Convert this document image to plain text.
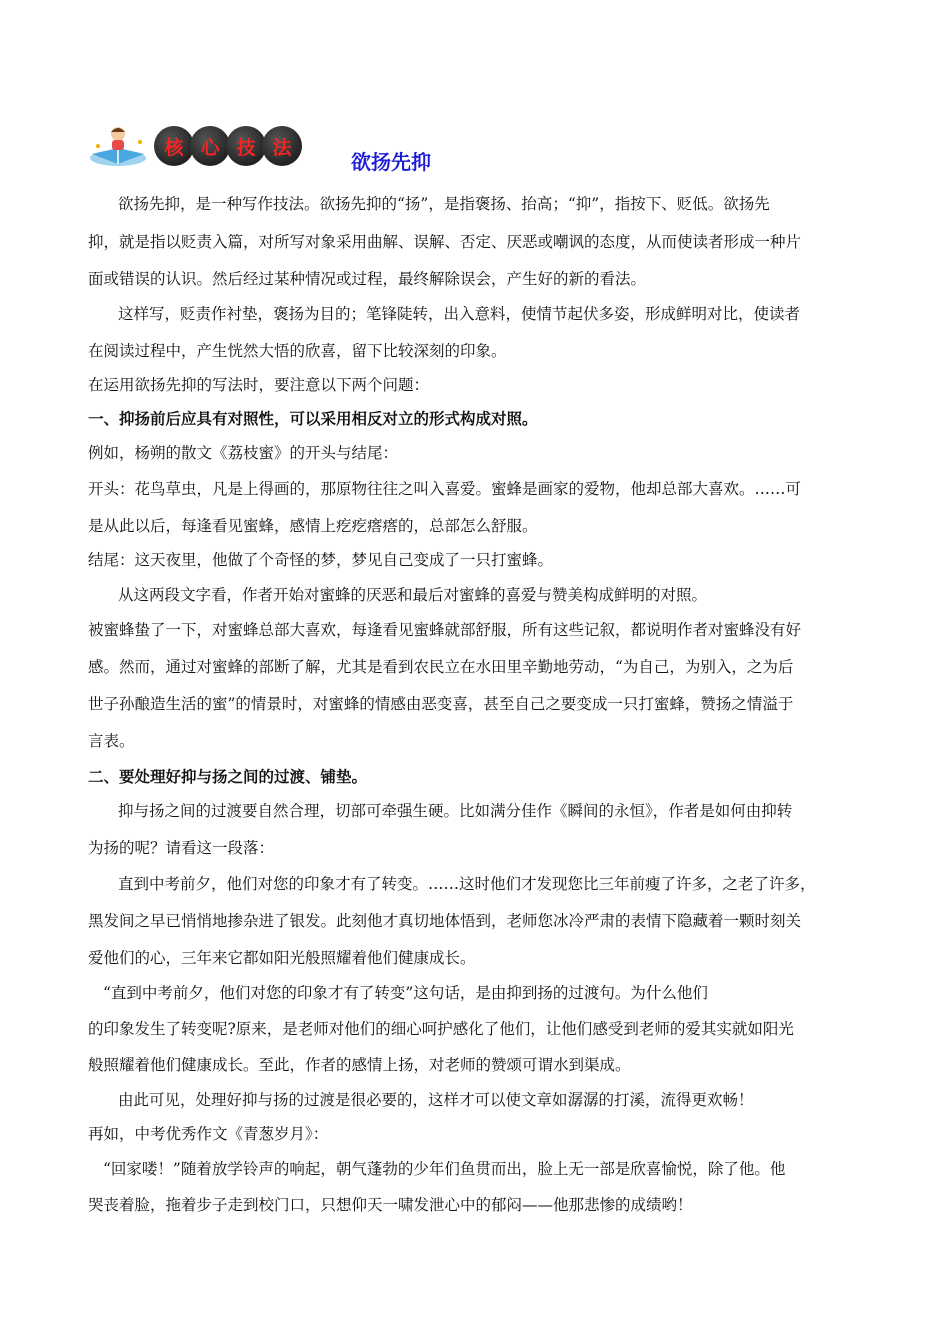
核 心 技 法
欲扬先抑
欲扬先抑，是一种写作技法。欲扬先抑的“扬”，是指褒扬、抬高；“抑”，指按下、贬低。欲扬先
抑，就是指以贬责入篇，对所写对象采用曲解、误解、否定、厌恶或嘲讽的态度，从而使读者形成一种片
面或错误的认识。然后经过某种情况或过程，最终解除误会，产生好的新的看法。
这样写，贬责作衬垫，褒扬为目的；笔锋陡转，出入意料，使情节起伏多姿，形成鲜明对比，使读者
在阅读过程中，产生恍然大悟的欣喜，留下比较深刻的印象。
在运用欲扬先抑的写法时，要注意以下两个问题：
一、抑扬前后应具有对照性，可以采用相反对立的形式构成对照。
例如，杨朔的散文《荔枝蜜》的开头与结尾：
开头：花鸟草虫，凡是上得画的，那原物往往之叫入喜爱。蜜蜂是画家的爱物，他却总部大喜欢。……可
是从此以后，每逢看见蜜蜂，感情上疙疙瘩瘩的，总部怎么舒服。
结尾：这天夜里，他做了个奇怪的梦，梦见自己变成了一只打蜜蜂。
从这两段文字看，作者开始对蜜蜂的厌恶和最后对蜜蜂的喜爱与赞美构成鲜明的对照。
被蜜蜂蛰了一下，对蜜蜂总部大喜欢，每逢看见蜜蜂就部舒服，所有这些记叙，都说明作者对蜜蜂没有好
感。然而，通过对蜜蜂的部断了解，尤其是看到农民立在水田里辛勤地劳动，“为自己，为别入，之为后
世子孙酿造生活的蜜”的情景时，对蜜蜂的情感由恶变喜，甚至自己之要变成一只打蜜蜂，赞扬之情溢于
言表。
二、要处理好抑与扬之间的过渡、铺垫。
抑与扬之间的过渡要自然合理，切部可牵强生硬。比如满分佳作《瞬间的永恒》，作者是如何由抑转
为扬的呢？请看这一段落：
直到中考前夕，他们对您的印象才有了转变。……这时他们才发现您比三年前瘦了许多，之老了许多，
黑发间之早已悄悄地掺杂进了银发。此刻他才真切地体悟到，老师您冰冷严肃的表情下隐藏着一颗时刻关
爱他们的心，三年来它都如阳光般照耀着他们健康成长。
“直到中考前夕，他们对您的印象才有了转变”这句话，是由抑到扬的过渡句。为什么他们
的印象发生了转变呢?原来，是老师对他们的细心呵护感化了他们，让他们感受到老师的爱其实就如阳光
般照耀着他们健康成长。至此，作者的感情上扬，对老师的赞颂可谓水到渠成。
由此可见，处理好抑与扬的过渡是很必要的，这样才可以使文章如潺潺的打溪，流得更欢畅！
再如，中考优秀作文《青葱岁月》：
“回家喽！”随着放学铃声的响起，朝气蓬勃的少年们鱼贯而出，脸上无一部是欣喜愉悦，除了他。他
哭丧着脸，拖着步子走到校门口，只想仰天一啸发泄心中的郁闷——他那悲惨的成绩哟！
